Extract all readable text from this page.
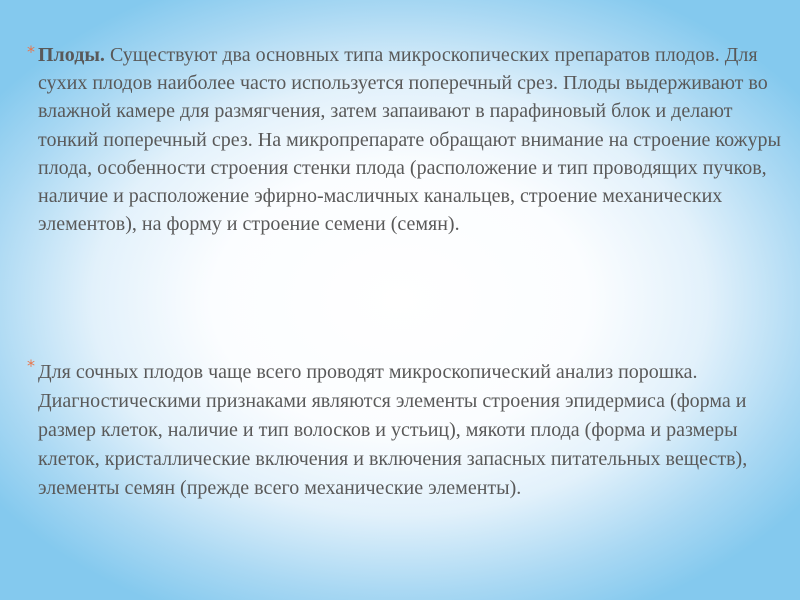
* Плоды. Существуют два основных типа микроскопических препаратов плодов. Для сухих плодов наиболее часто используется поперечный срез. Плоды выдерживают во влажной камере для размягчения, затем запаивают в парафиновый блок и делают тонкий поперечный срез. На микропрепарате обращают внимание на строение кожуры плода, особенности строения стенки плода (расположение и тип проводящих пучков, наличие и расположение эфирно-масличных канальцев, строение механических элементов), на форму и строение семени (семян).

* Для сочных плодов чаще всего проводят микроскопический анализ порошка. Диагностическими признаками являются элементы строения эпидермиса (форма и размер клеток, наличие и тип волосков и устьиц), мякоти плода (форма и размеры клеток, кристаллические включения и включения запасных питательных веществ), элементы семян (прежде всего механические элементы).
